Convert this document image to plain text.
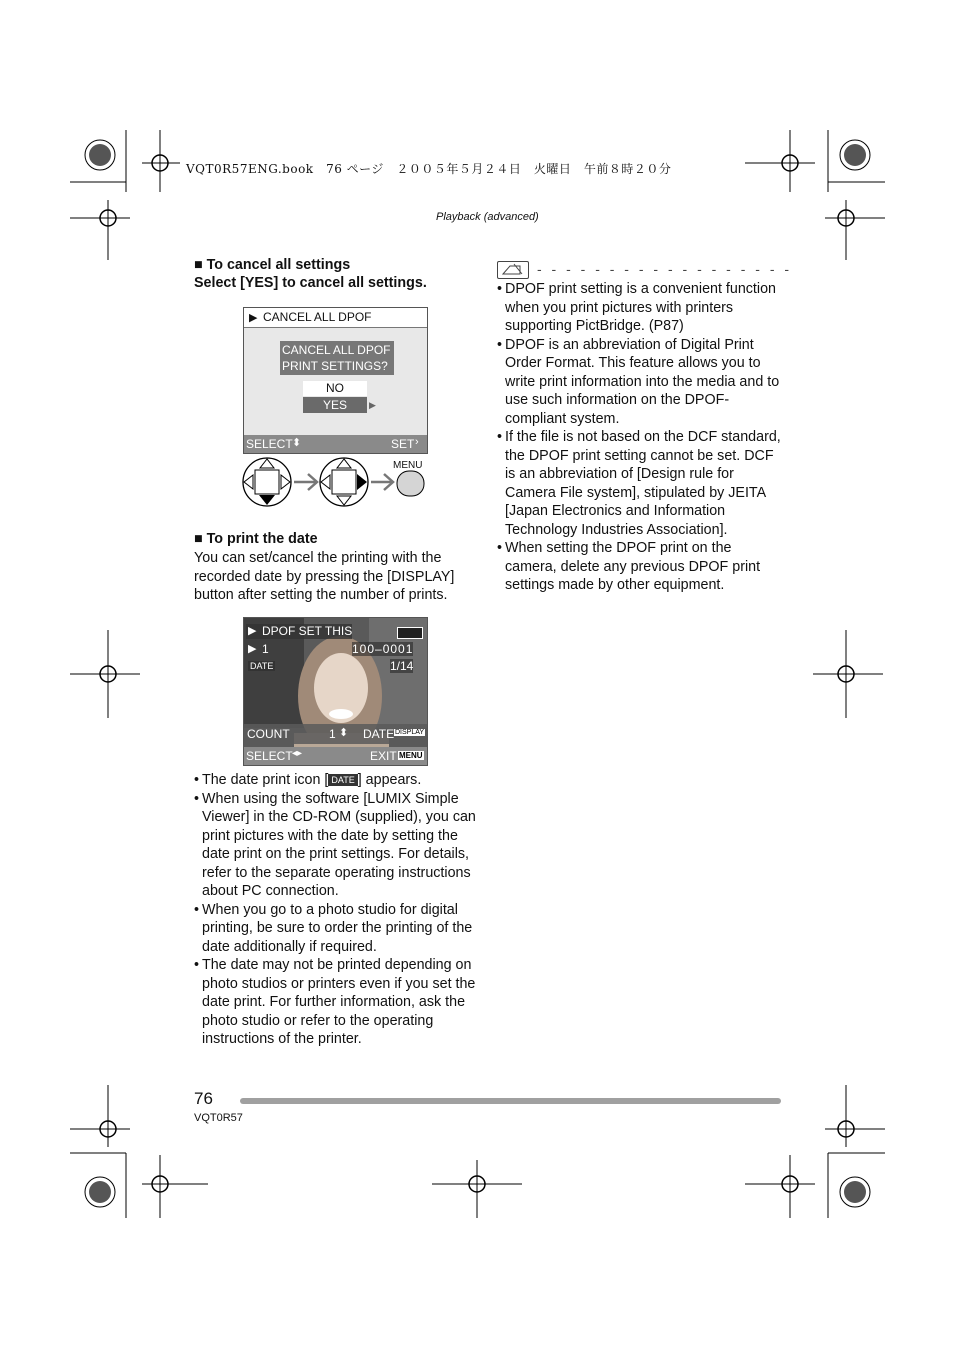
VQT0R57ENG.book　76 ページ　２００５年５月２４日　火曜日　午前８時２０分
Playback (advanced)
■ To cancel all settings
Select [YES] to cancel all settings.
▶ CANCEL ALL DPOF
CANCEL ALL DPOF
PRINT SETTINGS?
NO
YES	▶
SELECT ⬍	SET ›
MENU
■ To print the date
You can set/cancel the printing with the recorded date by pressing the [DISPLAY] button after setting the number of prints.
▶ DPOF SET THIS
▶ 1	100–0001
DATE	1/14
COUNT	1 ⬍ DATE DISPLAY
SELECT ◂▸	EXIT MENU
• The date print icon [ DATE ] appears.
• When using the software [LUMIX Simple Viewer] in the CD-ROM (supplied), you can print pictures with the date by setting the date print on the print settings. For details, refer to the separate operating instructions about PC connection.
• When you go to a photo studio for digital printing, be sure to order the printing of the date additionally if required.
• The date may not be printed depending on photo studios or printers even if you set the date print. For further information, ask the photo studio or refer to the operating instructions of the printer.
- - - - - - - - - - - - - - - - - -
• DPOF print setting is a convenient function when you print pictures with printers supporting PictBridge. (P87)
• DPOF is an abbreviation of Digital Print Order Format. This feature allows you to write print information into the media and to use such information on the DPOF-compliant system.
• If the file is not based on the DCF standard, the DPOF print setting cannot be set. DCF is an abbreviation of [Design rule for Camera File system], stipulated by JEITA [Japan Electronics and Information Technology Industries Association].
• When setting the DPOF print on the camera, delete any previous DPOF print settings made by other equipment.
76
VQT0R57
